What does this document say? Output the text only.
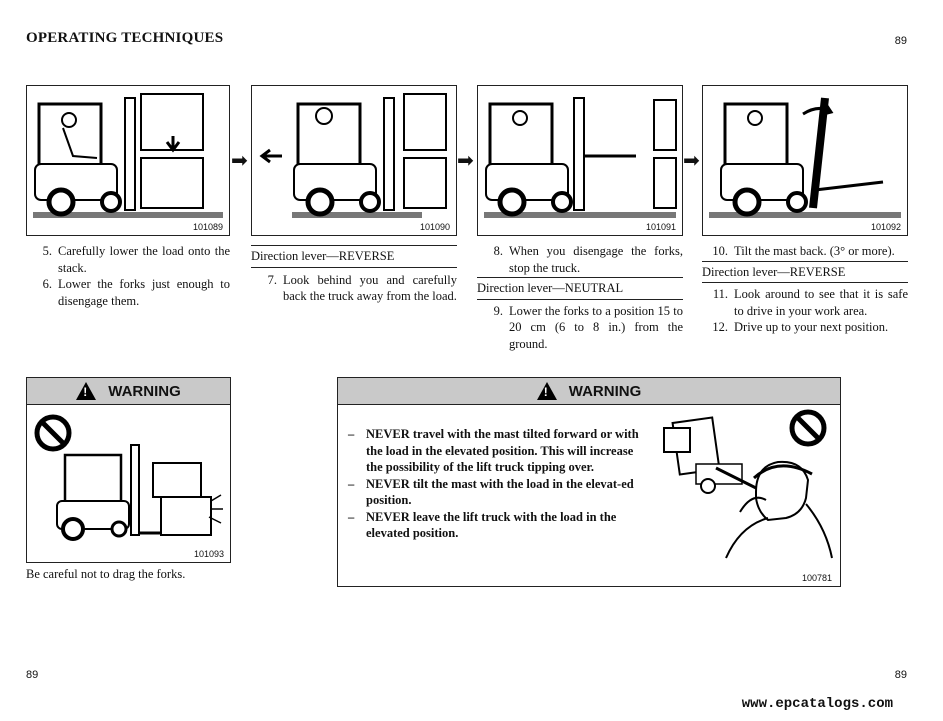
OPERATING TECHNIQUES	89
101089
➡
101090
➡
101091
➡
101092
5. Carefully lower the load onto the stack.
6. Lower the forks just enough to disengage them.
Direction lever—REVERSE
7. Look behind you and carefully back the truck away from the load.
8. When you disengage the forks, stop the truck.
Direction lever—NEUTRAL
9. Lower the forks to a position 15 to 20 cm (6 to 8 in.) from the ground.
10. Tilt the mast back. (3° or more).
Direction lever—REVERSE
11. Look around to see that it is safe to drive in your work area.
12. Drive up to your next position.
! WARNING
101093
Be careful not to drag the forks.
! WARNING
– NEVER travel with the mast tilted forward or with the load in the elevated position. This will increase the possibility of the lift truck tipping over.
– NEVER tilt the mast with the load in the elevat-ed position.
– NEVER leave the lift truck with the load in the elevated position.
100781
89	89
www.epcatalogs.com
